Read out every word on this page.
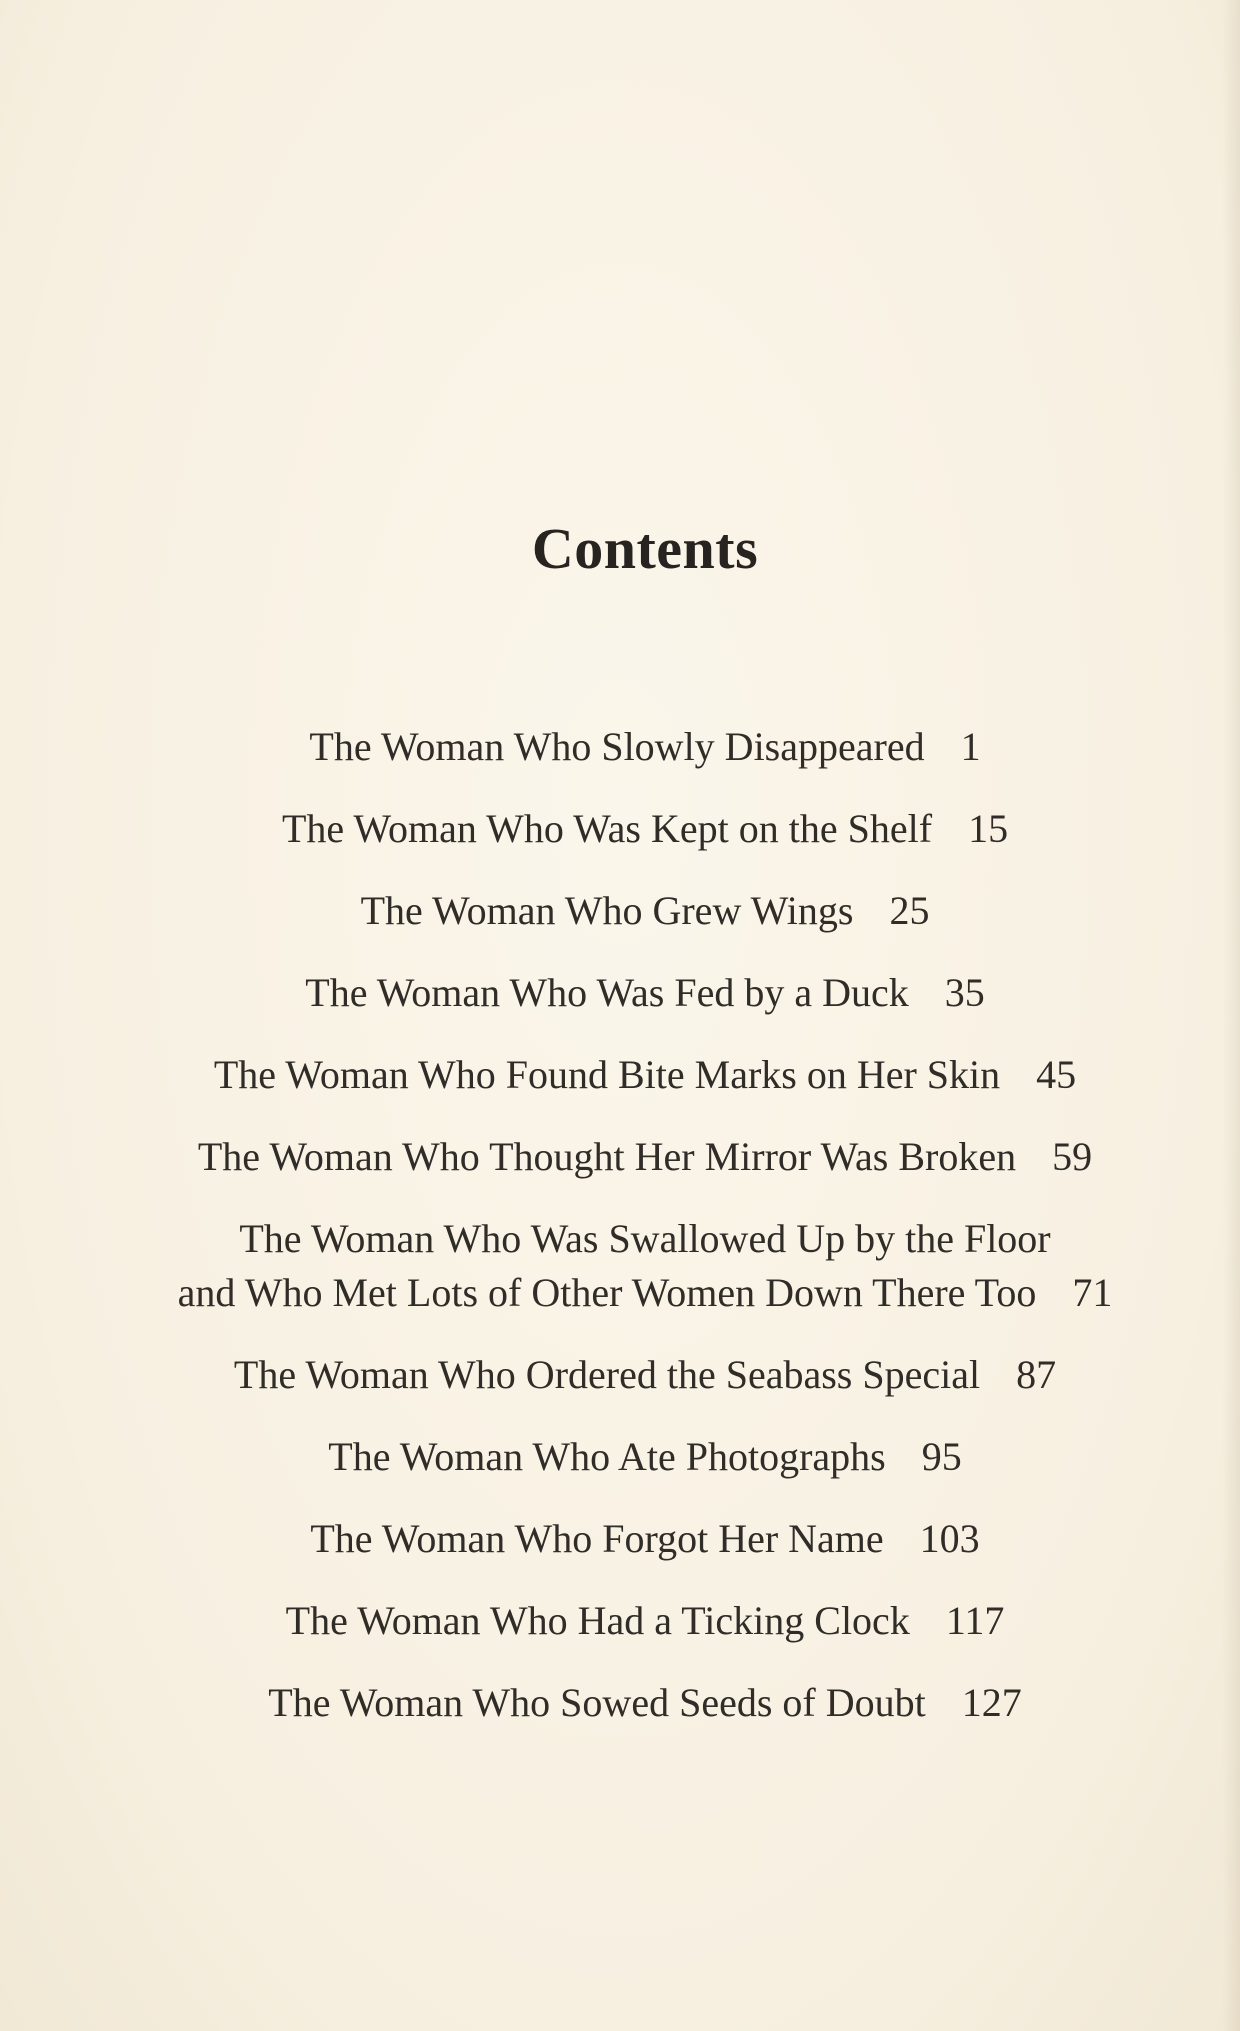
Contents
The Woman Who Slowly Disappeared 1
The Woman Who Was Kept on the Shelf 15
The Woman Who Grew Wings 25
The Woman Who Was Fed by a Duck 35
The Woman Who Found Bite Marks on Her Skin 45
The Woman Who Thought Her Mirror Was Broken 59
The Woman Who Was Swallowed Up by the Floor
and Who Met Lots of Other Women Down There Too 71
The Woman Who Ordered the Seabass Special 87
The Woman Who Ate Photographs 95
The Woman Who Forgot Her Name 103
The Woman Who Had a Ticking Clock 117
The Woman Who Sowed Seeds of Doubt 127
